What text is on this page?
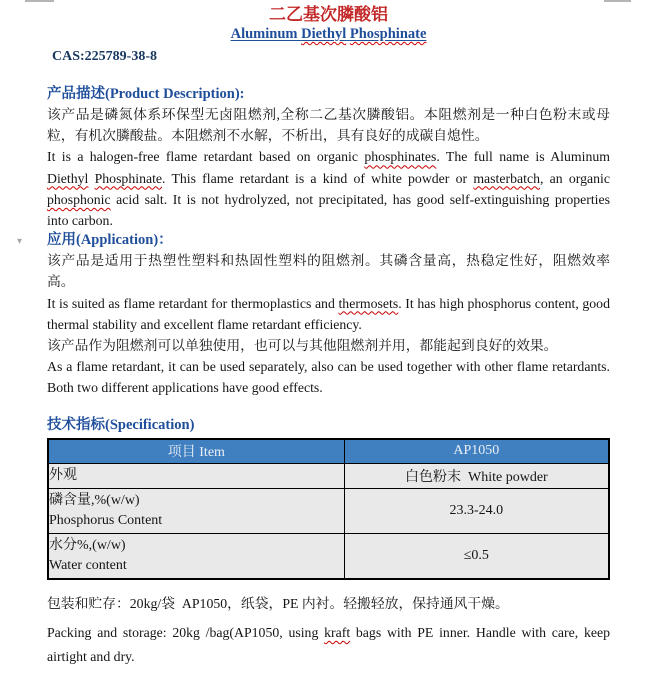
▾
二乙基次膦酸铝
Aluminum Diethyl Phosphinate
CAS:225789-38-8
产品描述(Product Description):
该产品是磷氮体系环保型无卤阻燃剂,全称二乙基次膦酸铝。本阻燃剂是一种白色粉末或母粒，有机次膦酸盐。本阻燃剂不水解，不析出，具有良好的成碳自熄性。
It is a halogen-free flame retardant based on organic phosphinates. The full name is Aluminum Diethyl Phosphinate. This flame retardant is a kind of white powder or masterbatch, an organic phosphonic acid salt. It is not hydrolyzed, not precipitated, has good self-extinguishing properties into carbon.
应用(Application)：
该产品是适用于热塑性塑料和热固性塑料的阻燃剂。其磷含量高，热稳定性好，阻燃效率高。
It is suited as flame retardant for thermoplastics and thermosets. It has high phosphorus content, good thermal stability and excellent flame retardant efficiency.
该产品作为阻燃剂可以单独使用，也可以与其他阻燃剂并用，都能起到良好的效果。
As a flame retardant, it can be used separately, also can be used together with other flame retardants. Both two different applications have good effects.
技术指标(Specification)
项目 Item	AP1050

外观	白色粉末  White powder

磷含量,%(w/w)
Phosphorus Content	23.3-24.0

水分%,(w/w)
Water content	≤0.5
包装和贮存：20kg/袋  AP1050，纸袋，PE 内衬。轻搬轻放，保持通风干燥。
Packing and storage: 20kg /bag(AP1050, using kraft bags with PE inner. Handle with care, keep airtight and dry.
